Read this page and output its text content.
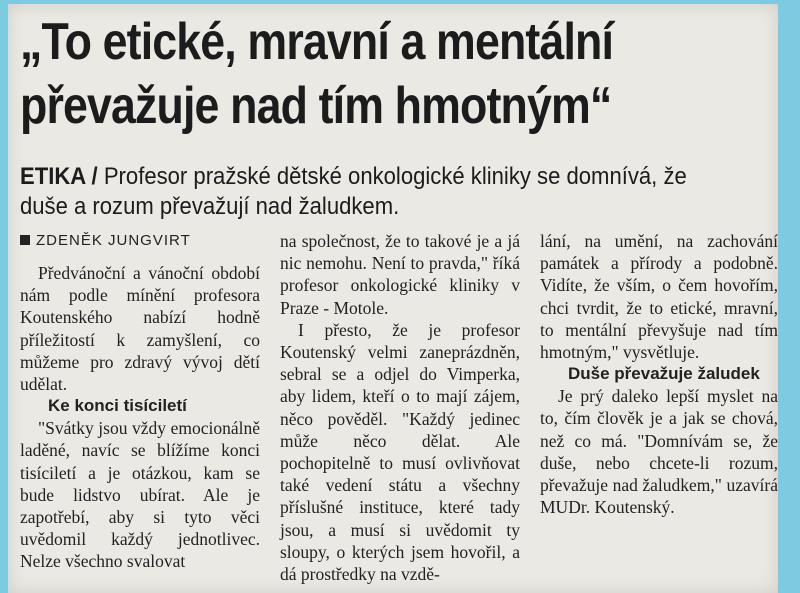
„To etické, mravní a mentální
převažuje nad tím hmotným“
ETIKA / Profesor pražské dětské onkologické kliniky se domnívá, že duše a rozum převažují nad žaludkem.
ZDENĚK JUNGVIRT

Předvánoční a vánoční období nám podle mínění profesora Koutenského nabízí hodně příležitostí k zamyšlení, co můžeme pro zdravý vývoj dětí udělat.

Ke konci tisíciletí

"Svátky jsou vždy emocionálně laděné, navíc se blížíme konci tisíciletí a je otázkou, kam se bude lidstvo ubírat. Ale je zapotřebí, aby si tyto věci uvědomil každý jednotlivec. Nelze všechno svalovat

na společnost, že to takové je a já nic nemohu. Není to pravda," říká profesor onkologické kliniky v Praze - Motole.

I přesto, že je profesor Koutenský velmi zaneprázdněn, sebral se a odjel do Vimperka, aby lidem, kteří o to mají zájem, něco pověděl. "Každý jedinec může něco dělat. Ale pochopitelně to musí ovlivňovat také vedení státu a všechny příslušné instituce, které tady jsou, a musí si uvědomit ty sloupy, o kterých jsem hovořil, a dá prostředky na vzdě-

lání, na umění, na zachování památek a přírody a podobně. Vidíte, že vším, o čem hovořím, chci tvrdit, že to etické, mravní, to mentální převyšuje nad tím hmotným," vysvětluje.

Duše převažuje žaludek

Je prý daleko lepší myslet na to, čím člověk je a jak se chová, než co má. "Domnívám se, že duše, nebo chcete-li rozum, převažuje nad žaludkem," uzavírá MUDr. Koutenský.
